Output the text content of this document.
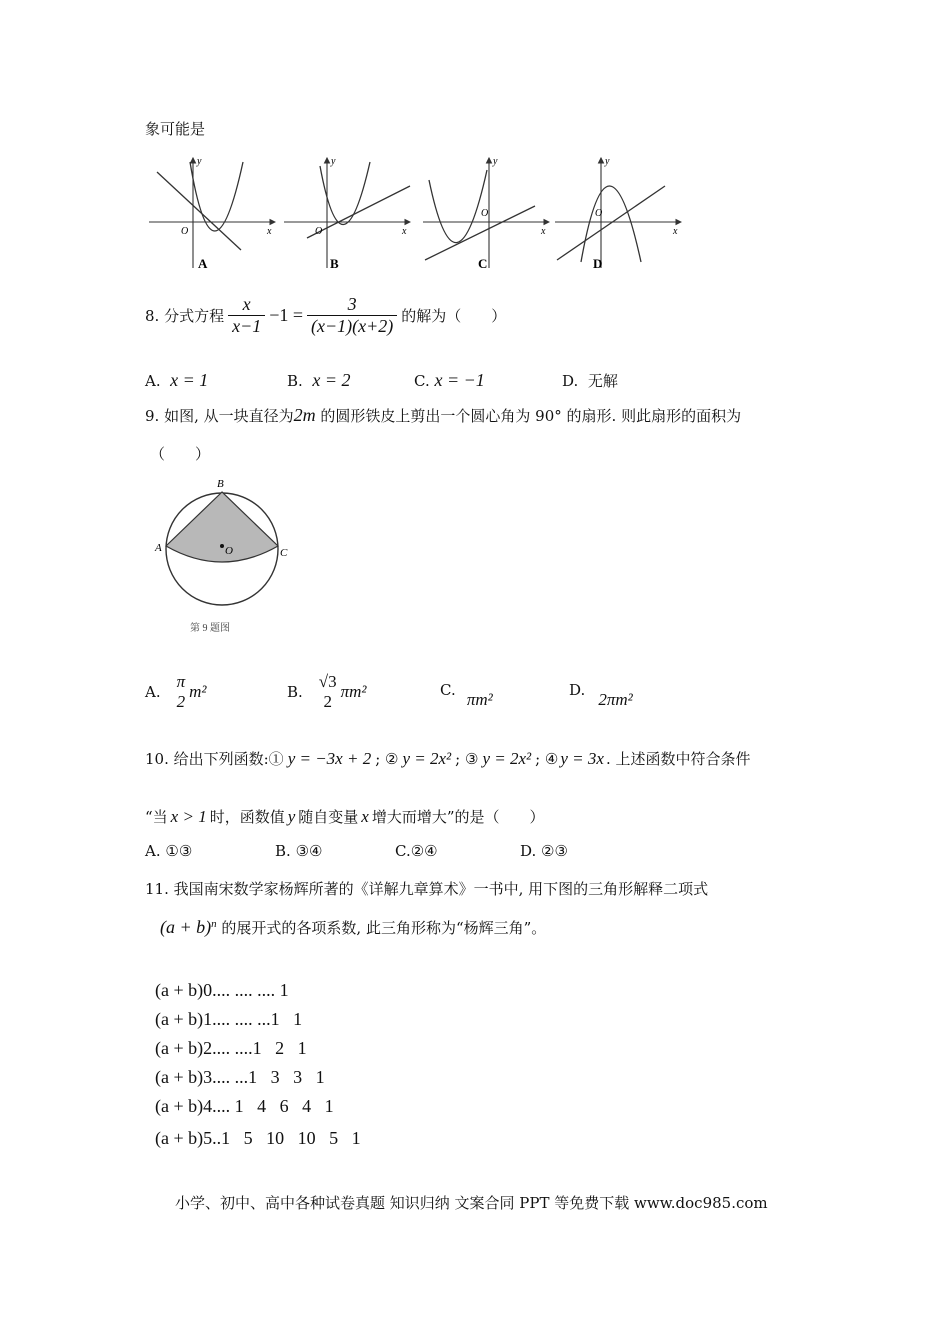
象可能是
O	x
y
A
O	x
y
B
O
x
y
C
O
x
y
D
8. 分式方程 $\frac{x}{x-1} -1 = \frac{3}{(x-1)(x+2)}$ 的解为（　　）
A. x = 1	B. x = 2	C. x = −1	D. 无解
9. 如图, 从一块直径为2m 的圆形铁皮上剪出一个圆心角为 90° 的扇形. 则此扇形的面积为
（　　）
B
A	C
O
第 9 题图
A.
π
2
m²	B.
√3
2
πm²	C. πm²	D. 2πm²
10. 给出下列函数:① y = −3x + 2 ; ② y = 2x² ; ③ y = 2x² ; ④ y = 3x . 上述函数中符合条件
“当 x > 1 时，函数值 y 随自变量 x 增大而增大”的是（　　）
A. ①③	B. ③④	C.②④	D. ②③
11. 我国南宋数学家杨辉所著的《详解九章算术》一书中, 用下图的三角形解释二项式
$(a + b)^n$ 的展开式的各项系数, 此三角形称为“杨辉三角”。
(a + b)0.... .... .... 1
(a + b)1.... .... ...1   1
(a + b)2.... ....1   2   1
(a + b)3.... ...1   3   3   1
(a + b)4.... 1   4   6   4   1
(a + b)5..1   5   10   10   5   1
小学、初中、高中各种试卷真题 知识归纳 文案合同 PPT 等免费下载 www.doc985.com
